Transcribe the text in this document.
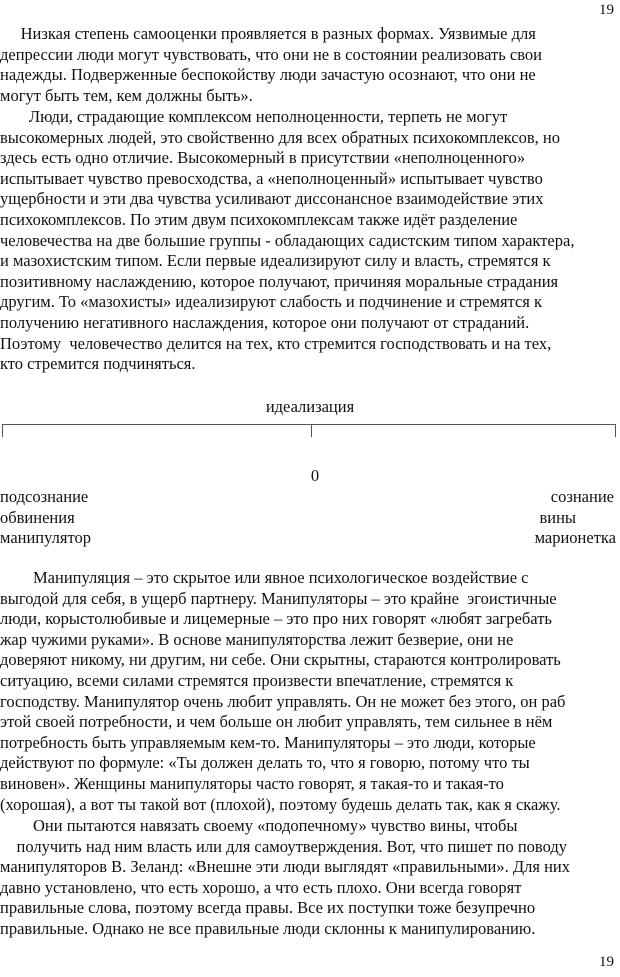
19
Низкая степень самооценки проявляется в разных формах. Уязвимые для
депрессии люди могут чувствовать, что они не в состоянии реализовать свои
надежды. Подверженные беспокойству люди зачастую осознают, что они не
могут быть тем, кем должны быть».
Люди, страдающие комплексом неполноценности, терпеть не могут
высокомерных людей, это свойственно для всех обратных психокомплексов, но
здесь есть одно отличие. Высокомерный в присутствии «неполноценного»
испытывает чувство превосходства, а «неполноценный» испытывает чувство
ущербности и эти два чувства усиливают диссонансное взаимодействие этих
психокомплексов. По этим двум психокомплексам также идёт разделение
человечества на две большие группы - обладающих садистским типом характера,
и мазохистским типом. Если первые идеализируют силу и власть, стремятся к
позитивному наслаждению, которое получают, причиняя моральные страдания
другим. То «мазохисты» идеализируют слабость и подчинение и стремятся к
получению негативного наслаждения, которое они получают от страданий.
Поэтому  человечество делится на тех, кто стремится господствовать и на тех,
кто стремится подчиняться.
идеализация
0
подсознание
обвинения
манипулятор
сознание
вины
марионетка
Манипуляция – это скрытое или явное психологическое воздействие с
выгодой для себя, в ущерб партнеру. Манипуляторы – это крайне  эгоистичные
люди, корыстолюбивые и лицемерные – это про них говорят «любят загребать
жар чужими руками». В основе манипуляторства лежит безверие, они не
доверяют никому, ни другим, ни себе. Они скрытны, стараются контролировать
ситуацию, всеми силами стремятся произвести впечатление, стремятся к
господству. Манипулятор очень любит управлять. Он не может без этого, он раб
этой своей потребности, и чем больше он любит управлять, тем сильнее в нём
потребность быть управляемым кем-то. Манипуляторы – это люди, которые
действуют по формуле: «Ты должен делать то, что я говорю, потому что ты
виновен». Женщины манипуляторы часто говорят, я такая-то и такая-то
(хорошая), а вот ты такой вот (плохой), поэтому будешь делать так, как я скажу.
Они пытаются навязать своему «подопечному» чувство вины, чтобы
получить над ним власть или для самоутверждения. Вот, что пишет по поводу
манипуляторов В. Зеланд: «Внешне эти люди выглядят «правильными». Для них
давно установлено, что есть хорошо, а что есть плохо. Они всегда говорят
правильные слова, поэтому всегда правы. Все их поступки тоже безупречно
правильные. Однако не все правильные люди склонны к манипулированию.
19
